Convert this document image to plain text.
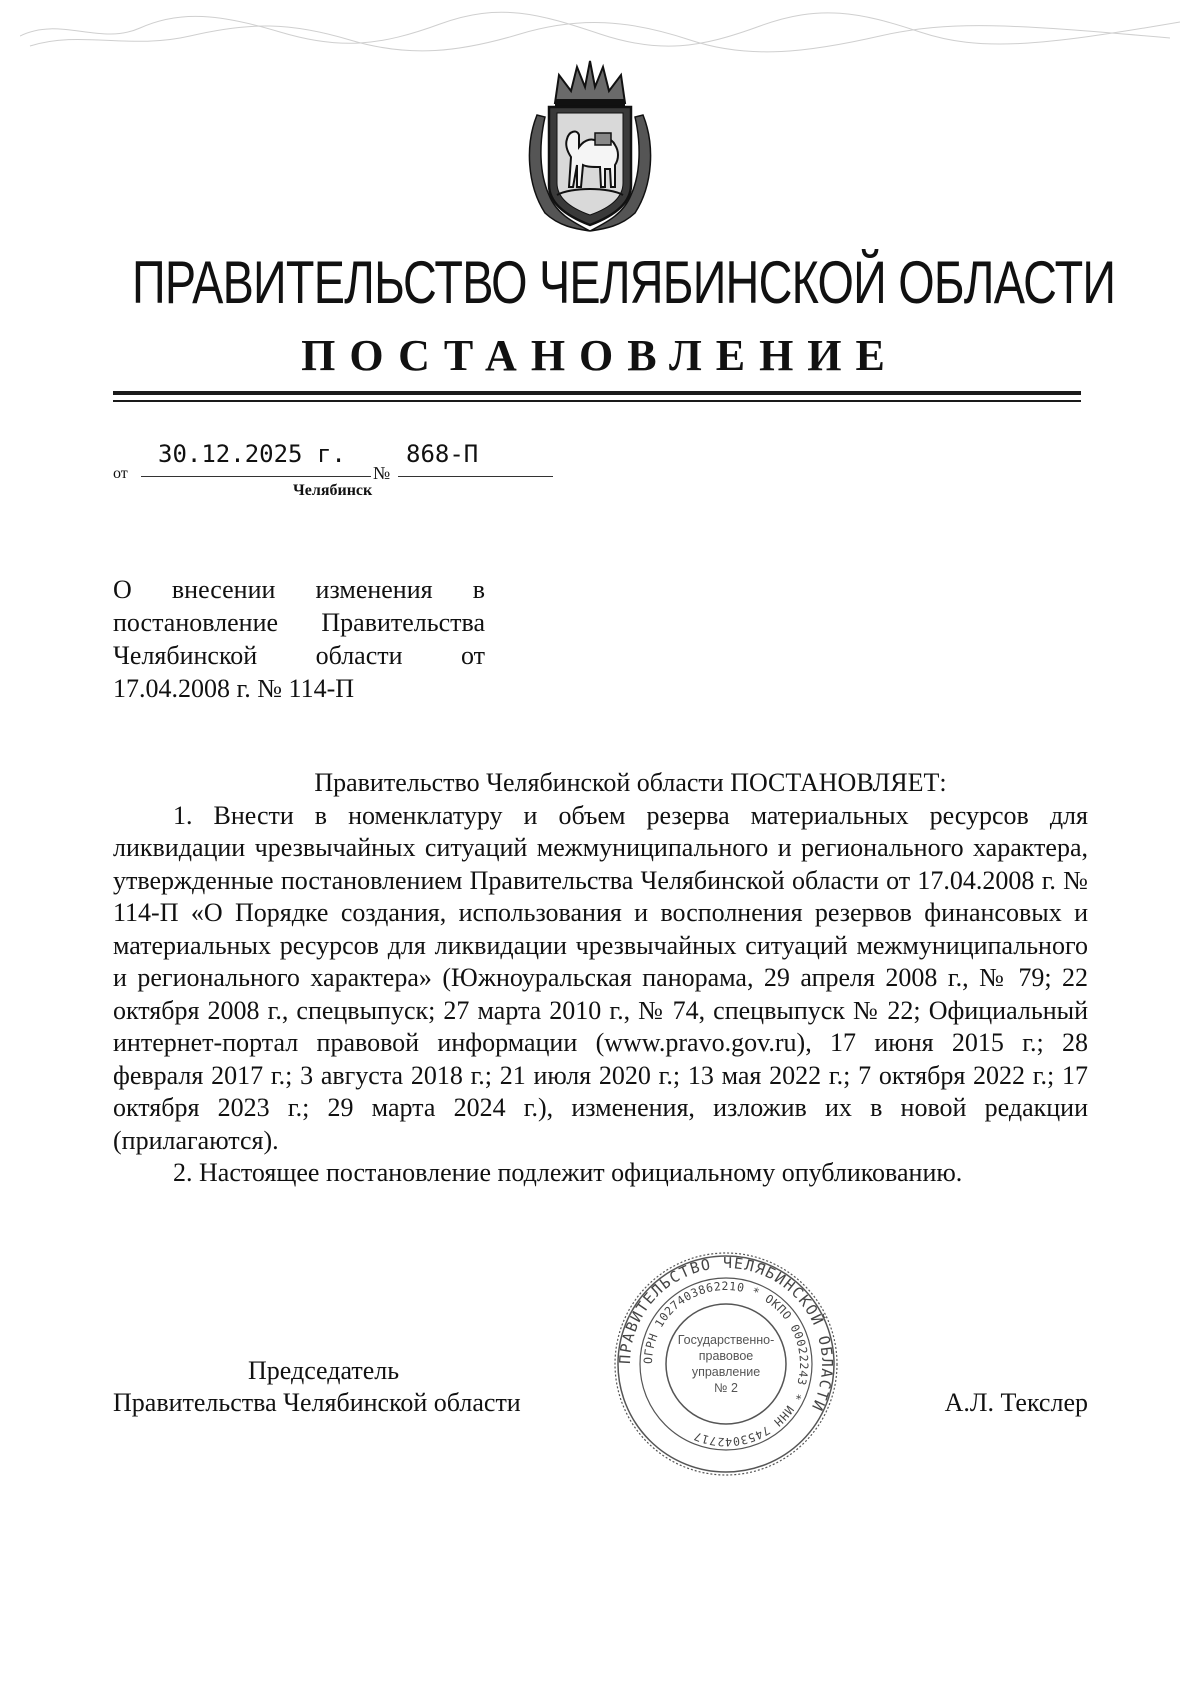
ПРАВИТЕЛЬСТВО ЧЕЛЯБИНСКОЙ ОБЛАСТИ
ПОСТАНОВЛЕНИЕ
от
30.12.2025 г.
№
868-П
Челябинск
О внесении изменения в постановление Правительства Челябинской области от 17.04.2008 г. № 114-П
Правительство Челябинской области ПОСТАНОВЛЯЕТ:

1. Внести в номенклатуру и объем резерва материальных ресурсов для ликвидации чрезвычайных ситуаций межмуниципального и регионального характера, утвержденные постановлением Правительства Челябинской области от 17.04.2008 г. № 114-П «О Порядке создания, использования и восполнения резервов финансовых и материальных ресурсов для ликвидации чрезвычайных ситуаций межмуниципального и регионального характера» (Южноуральская панорама, 29 апреля 2008 г., № 79; 22 октября 2008 г., спецвыпуск; 27 марта 2010 г., № 74, спецвыпуск № 22; Официальный интернет-портал правовой информации (www.pravo.gov.ru), 17 июня 2015 г.; 28 февраля 2017 г.; 3 августа 2018 г.; 21 июля 2020 г.; 13 мая 2022 г.; 7 октября 2022 г.; 17 октября 2023 г.; 29 марта 2024 г.), изменения, изложив их в новой редакции (прилагаются).

2. Настоящее постановление подлежит официальному опубликованию.

Председатель
Правительства Челябинской области	А.Л. Текслер
ПРАВИТЕЛЬСТВО ЧЕЛЯБИНСКОЙ ОБЛАСТИ
ОГРН 1027403862210 * ОКПО 00022243 * ИНН 7453042717
Государственно-
правовое
управление
№ 2
